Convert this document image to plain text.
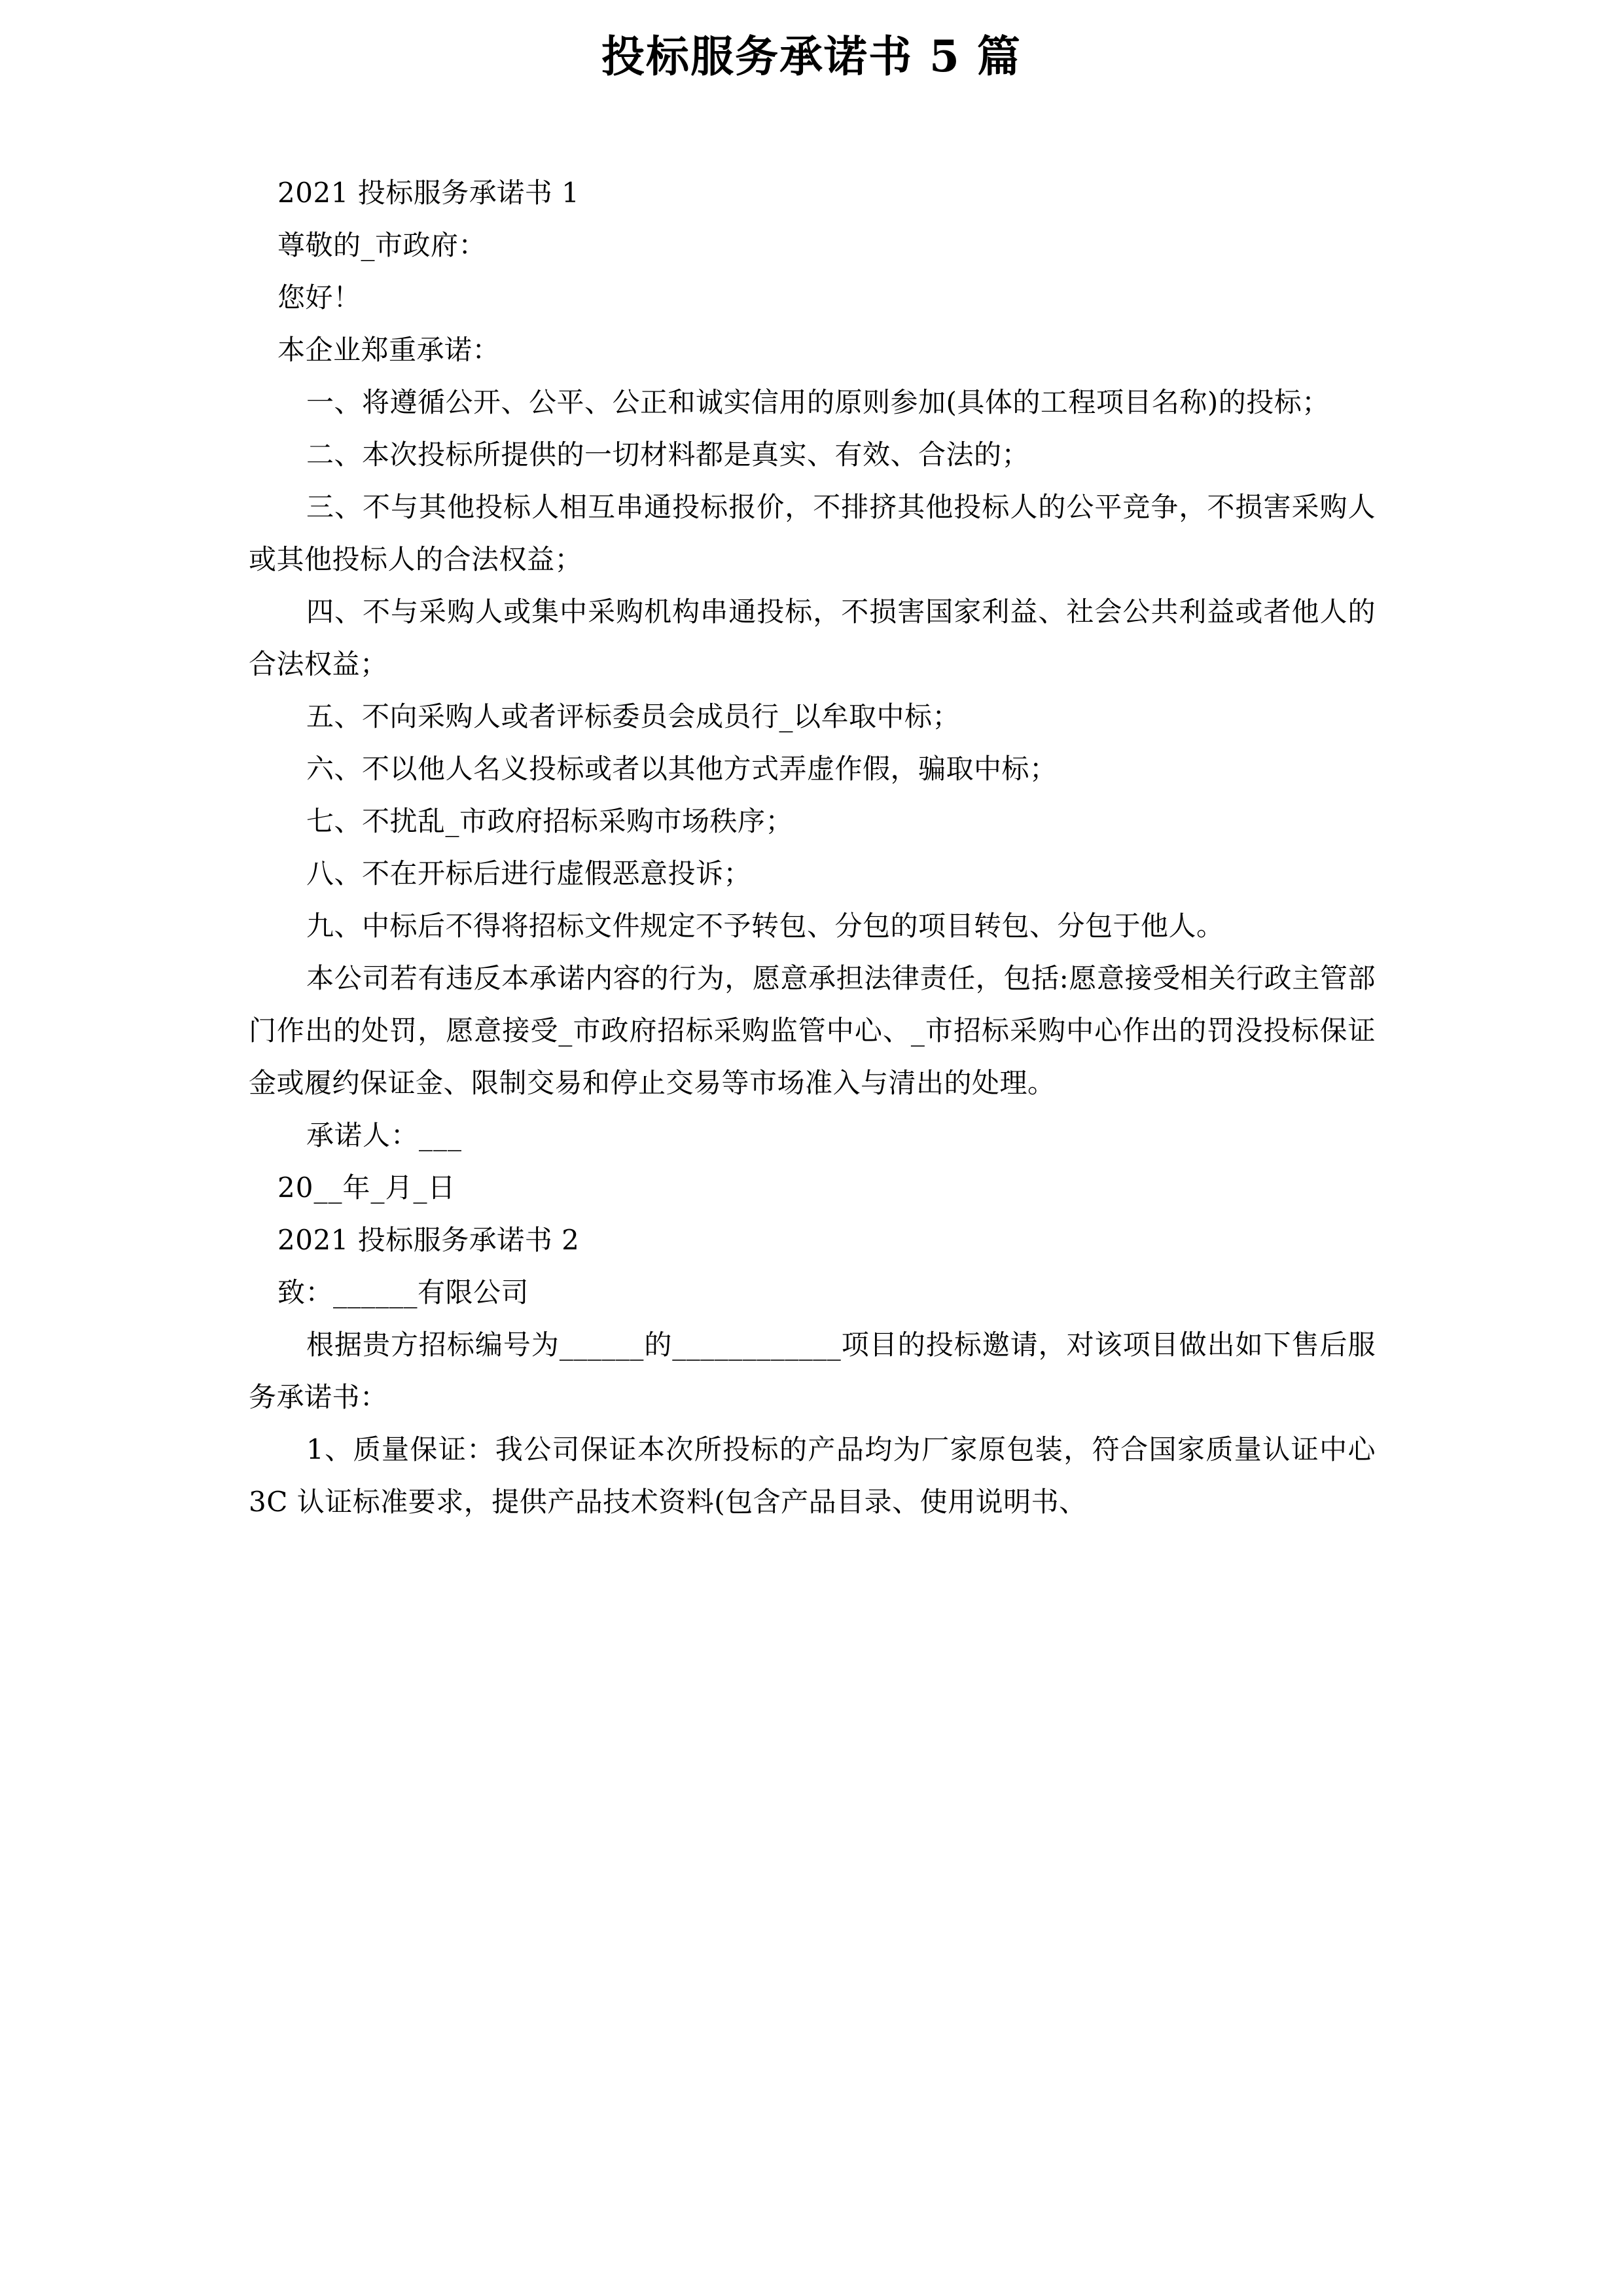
投标服务承诺书 5 篇

2021 投标服务承诺书 1

尊敬的_市政府：

您好！

本企业郑重承诺：

一、将遵循公开、公平、公正和诚实信用的原则参加(具体的工程项目名称)的投标；

二、本次投标所提供的一切材料都是真实、有效、合法的；

三、不与其他投标人相互串通投标报价，不排挤其他投标人的公平竞争，不损害采购人或其他投标人的合法权益；

四、不与采购人或集中采购机构串通投标，不损害国家利益、社会公共利益或者他人的合法权益；

五、不向采购人或者评标委员会成员行_以牟取中标；

六、不以他人名义投标或者以其他方式弄虚作假，骗取中标；

七、不扰乱_市政府招标采购市场秩序；

八、不在开标后进行虚假恶意投诉；

九、中标后不得将招标文件规定不予转包、分包的项目转包、分包于他人。

本公司若有违反本承诺内容的行为，愿意承担法律责任，包括:愿意接受相关行政主管部门作出的处罚，愿意接受_市政府招标采购监管中心、_市招标采购中心作出的罚没投标保证金或履约保证金、限制交易和停止交易等市场准入与清出的处理。

承诺人：___

20__年_月_日

2021 投标服务承诺书 2

致：______有限公司

根据贵方招标编号为______的____________项目的投标邀请，对该项目做出如下售后服务承诺书：

1、质量保证：我公司保证本次所投标的产品均为厂家原包装，符合国家质量认证中心 3C 认证标准要求，提供产品技术资料(包含产品目录、使用说明书、
